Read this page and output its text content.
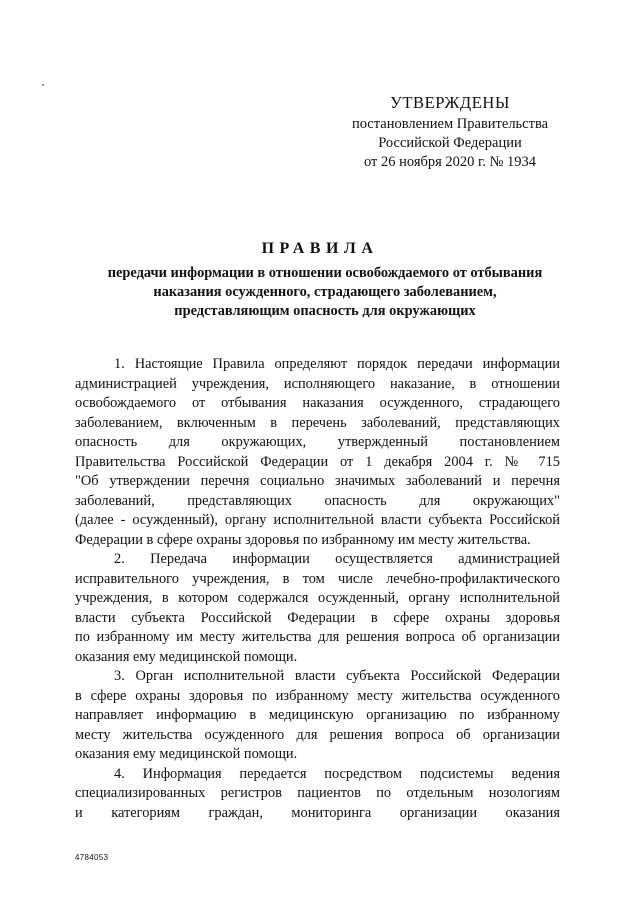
УТВЕРЖДЕНЫ
постановлением Правительства
Российской Федерации
от 26 ноября 2020 г. № 1934
ПРАВИЛА
передачи информации в отношении освобождаемого от отбывания
наказания осужденного, страдающего заболеванием,
представляющим опасность для окружающих
1. Настоящие Правила определяют порядок передачи информации
администрацией учреждения, исполняющего наказание, в отношении
освобождаемого от отбывания наказания осужденного, страдающего
заболеванием, включенным в перечень заболеваний, представляющих
опасность для окружающих, утвержденный постановлением
Правительства Российской Федерации от 1 декабря 2004 г. № 715
"Об утверждении перечня социально значимых заболеваний и перечня
заболеваний, представляющих опасность для окружающих"
(далее - осужденный), органу исполнительной власти субъекта Российской
Федерации в сфере охраны здоровья по избранному им месту жительства.
2. Передача информации осуществляется администрацией
исправительного учреждения, в том числе лечебно-профилактического
учреждения, в котором содержался осужденный, органу исполнительной
власти субъекта Российской Федерации в сфере охраны здоровья
по избранному им месту жительства для решения вопроса об организации
оказания ему медицинской помощи.
3. Орган исполнительной власти субъекта Российской Федерации
в сфере охраны здоровья по избранному месту жительства осужденного
направляет информацию в медицинскую организацию по избранному
месту жительства осужденного для решения вопроса об организации
оказания ему медицинской помощи.
4. Информация передается посредством подсистемы ведения
специализированных регистров пациентов по отдельным нозологиям
и категориям граждан, мониторинга организации оказания
4784053
